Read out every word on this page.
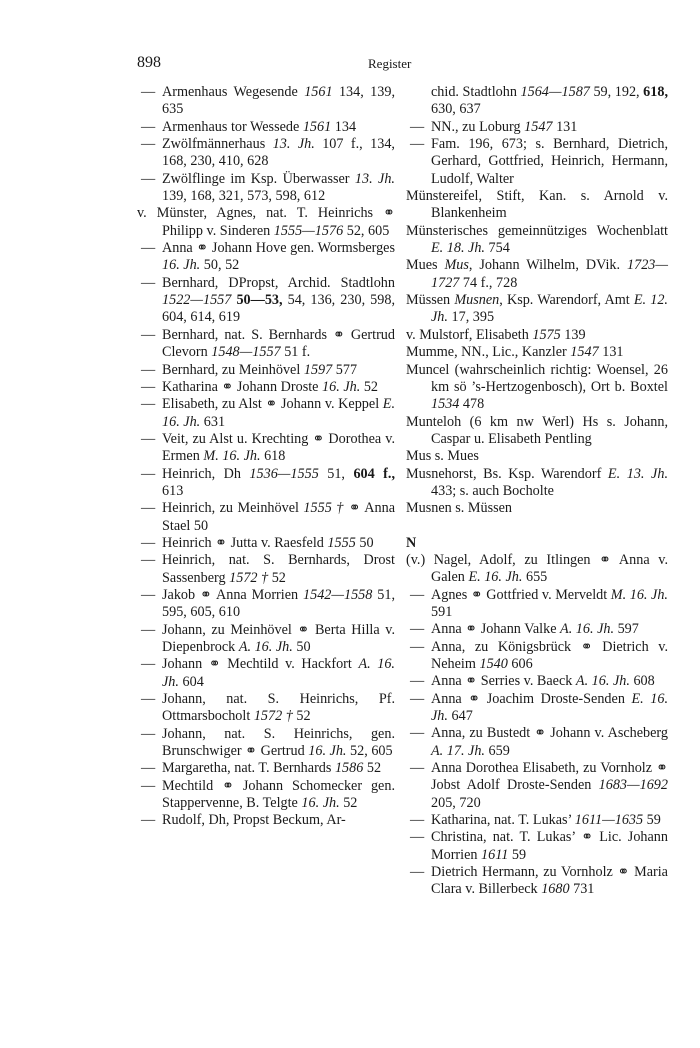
898	Register
— Armenhaus Wegesende 1561 134, 139, 635
— Armenhaus tor Wessede 1561 134
— Zwölfmännerhaus 13. Jh. 107 f., 134, 168, 230, 410, 628
— Zwölflinge im Ksp. Überwasser 13. Jh. 139, 168, 321, 573, 598, 612
v. Münster, Agnes, nat. T. Heinrichs ⚭ Philipp v. Sinderen 1555—1576 52, 605
— Anna ⚭ Johann Hove gen. Wormsberges 16. Jh. 50, 52
— Bernhard, DPropst, Archid. Stadtlohn 1522—1557 50—53, 54, 136, 230, 598, 604, 614, 619
— Bernhard, nat. S. Bernhards ⚭ Gertrud Clevorn 1548—1557 51 f.
— Bernhard, zu Meinhövel 1597 577
— Katharina ⚭ Johann Droste 16. Jh. 52
— Elisabeth, zu Alst ⚭ Johann v. Keppel E. 16. Jh. 631
— Veit, zu Alst u. Krechting ⚭ Dorothea v. Ermen M. 16. Jh. 618
— Heinrich, Dh 1536—1555 51, 604 f., 613
— Heinrich, zu Meinhövel 1555 † ⚭ Anna Stael 50
— Heinrich ⚭ Jutta v. Raesfeld 1555 50
— Heinrich, nat. S. Bernhards, Drost Sassenberg 1572 † 52
— Jakob ⚭ Anna Morrien 1542—1558 51, 595, 605, 610
— Johann, zu Meinhövel ⚭ Berta Hilla v. Diepenbrock A. 16. Jh. 50
— Johann ⚭ Mechtild v. Hackfort A. 16. Jh. 604
— Johann, nat. S. Heinrichs, Pf. Ottmarsbocholt 1572 † 52
— Johann, nat. S. Heinrichs, gen. Brunschwiger ⚭ Gertrud 16. Jh. 52, 605
— Margaretha, nat. T. Bernhards 1586 52
— Mechtild ⚭ Johann Schomecker gen. Stappervenne, B. Telgte 16. Jh. 52
— Rudolf, Dh, Propst Beckum, Ar-
chid. Stadtlohn 1564—1587 59, 192, 618, 630, 637
— NN., zu Loburg 1547 131
— Fam. 196, 673; s. Bernhard, Dietrich, Gerhard, Gottfried, Heinrich, Hermann, Ludolf, Walter
Münstereifel, Stift, Kan. s. Arnold v. Blankenheim
Münsterisches gemeinnütziges Wochenblatt E. 18. Jh. 754
Mues Mus, Johann Wilhelm, DVik. 1723—1727 74 f., 728
Müssen Musnen, Ksp. Warendorf, Amt E. 12. Jh. 17, 395
v. Mulstorf, Elisabeth 1575 139
Mumme, NN., Lic., Kanzler 1547 131
Muncel (wahrscheinlich richtig: Woensel, 26 km sö ’s-Hertzogenbosch), Ort b. Boxtel 1534 478
Munteloh (6 km nw Werl) Hs s. Johann, Caspar u. Elisabeth Pentling
Mus s. Mues
Musnehorst, Bs. Ksp. Warendorf E. 13. Jh. 433; s. auch Bocholte
Musnen s. Müssen
N
(v.) Nagel, Adolf, zu Itlingen ⚭ Anna v. Galen E. 16. Jh. 655
— Agnes ⚭ Gottfried v. Merveldt M. 16. Jh. 591
— Anna ⚭ Johann Valke A. 16. Jh. 597
— Anna, zu Königsbrück ⚭ Dietrich v. Neheim 1540 606
— Anna ⚭ Serries v. Baeck A. 16. Jh. 608
— Anna ⚭ Joachim Droste-Senden E. 16. Jh. 647
— Anna, zu Bustedt ⚭ Johann v. Ascheberg A. 17. Jh. 659
— Anna Dorothea Elisabeth, zu Vornholz ⚭ Jobst Adolf Droste-Senden 1683—1692 205, 720
— Katharina, nat. T. Lukas’ 1611—1635 59
— Christina, nat. T. Lukas’ ⚭ Lic. Johann Morrien 1611 59
— Dietrich Hermann, zu Vornholz ⚭ Maria Clara v. Billerbeck 1680 731
